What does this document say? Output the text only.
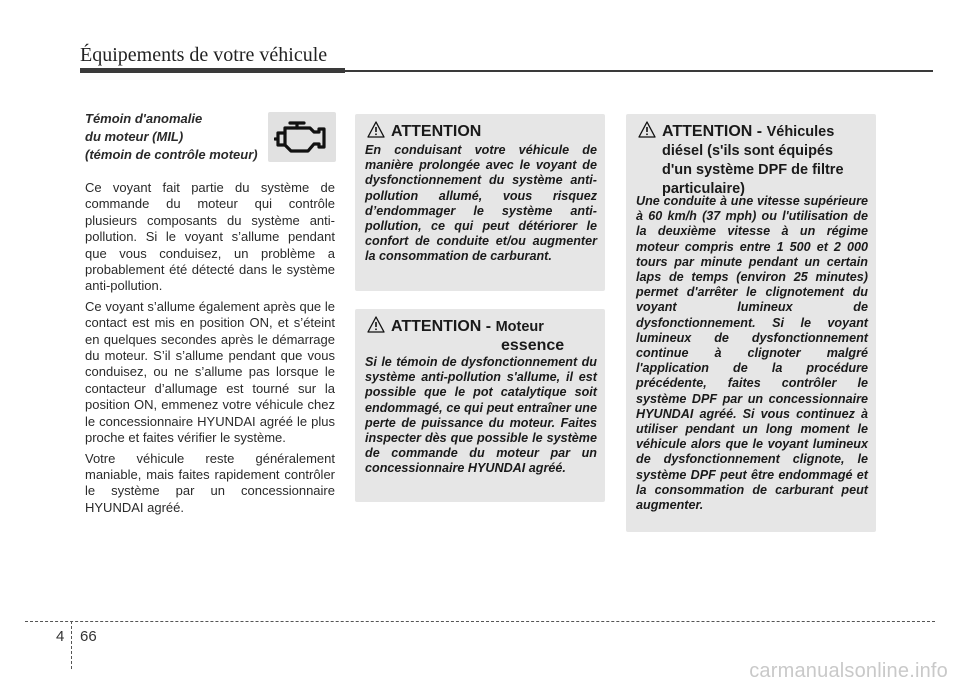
Équipements de votre véhicule
Témoin d'anomalie
du moteur (MIL)
(témoin de contrôle moteur)

Ce voyant fait partie du système de commande du moteur qui contrôle plusieurs composants du système anti-pollution. Si le voyant s’allume pendant que vous conduisez, un problème a probablement été détecté dans le système anti-pollution.

Ce voyant s’allume également après que le contact est mis en position ON, et s’éteint en quelques secondes après le démarrage du moteur. S’il s’allume pendant que vous conduisez, ou ne s’allume pas lorsque le contacteur d’allumage est tourné sur la position ON, emmenez votre véhicule chez le concessionnaire HYUNDAI agréé le plus proche et faites vérifier le système.

Votre véhicule reste généralement maniable, mais faites rapidement contrôler le système par un concessionnaire HYUNDAI agréé.

ATTENTION
En conduisant votre véhicule de manière prolongée avec le voyant de dysfonctionnement du système anti-pollution allumé, vous risquez d’endommager le système anti-pollution, ce qui peut détériorer le confort de conduite et/ou augmenter la consommation de carburant.
ATTENTION - Moteur
essence
Si le témoin de dysfonctionnement du système anti-pollution s'allume, il est possible que le pot catalytique soit endommagé, ce qui peut entraîner une perte de puissance du moteur. Faites inspecter dès que possible le système de commande du moteur par un concessionnaire HYUNDAI agréé.
ATTENTION - Véhicules
diésel (s'ils sont équipés
d'un système DPF de filtre
particulaire)
Une conduite à une vitesse supérieure à 60 km/h (37 mph) ou l'utilisation de la deuxième vitesse à un régime moteur compris entre 1 500 et 2 000 tours par minute pendant un certain laps de temps (environ 25 minutes) permet d'arrêter le clignotement du voyant lumineux de dysfonctionnement. Si le voyant lumineux de dysfonctionnement continue à clignoter malgré l'application de la procédure précédente, faites contrôler le système DPF par un concessionnaire HYUNDAI agréé. Si vous continuez à utiliser pendant un long moment le véhicule alors que le voyant lumineux de dysfonctionnement clignote, le système DPF peut être endommagé et la consommation de carburant peut augmenter.
4 66
carmanualsonline.info
